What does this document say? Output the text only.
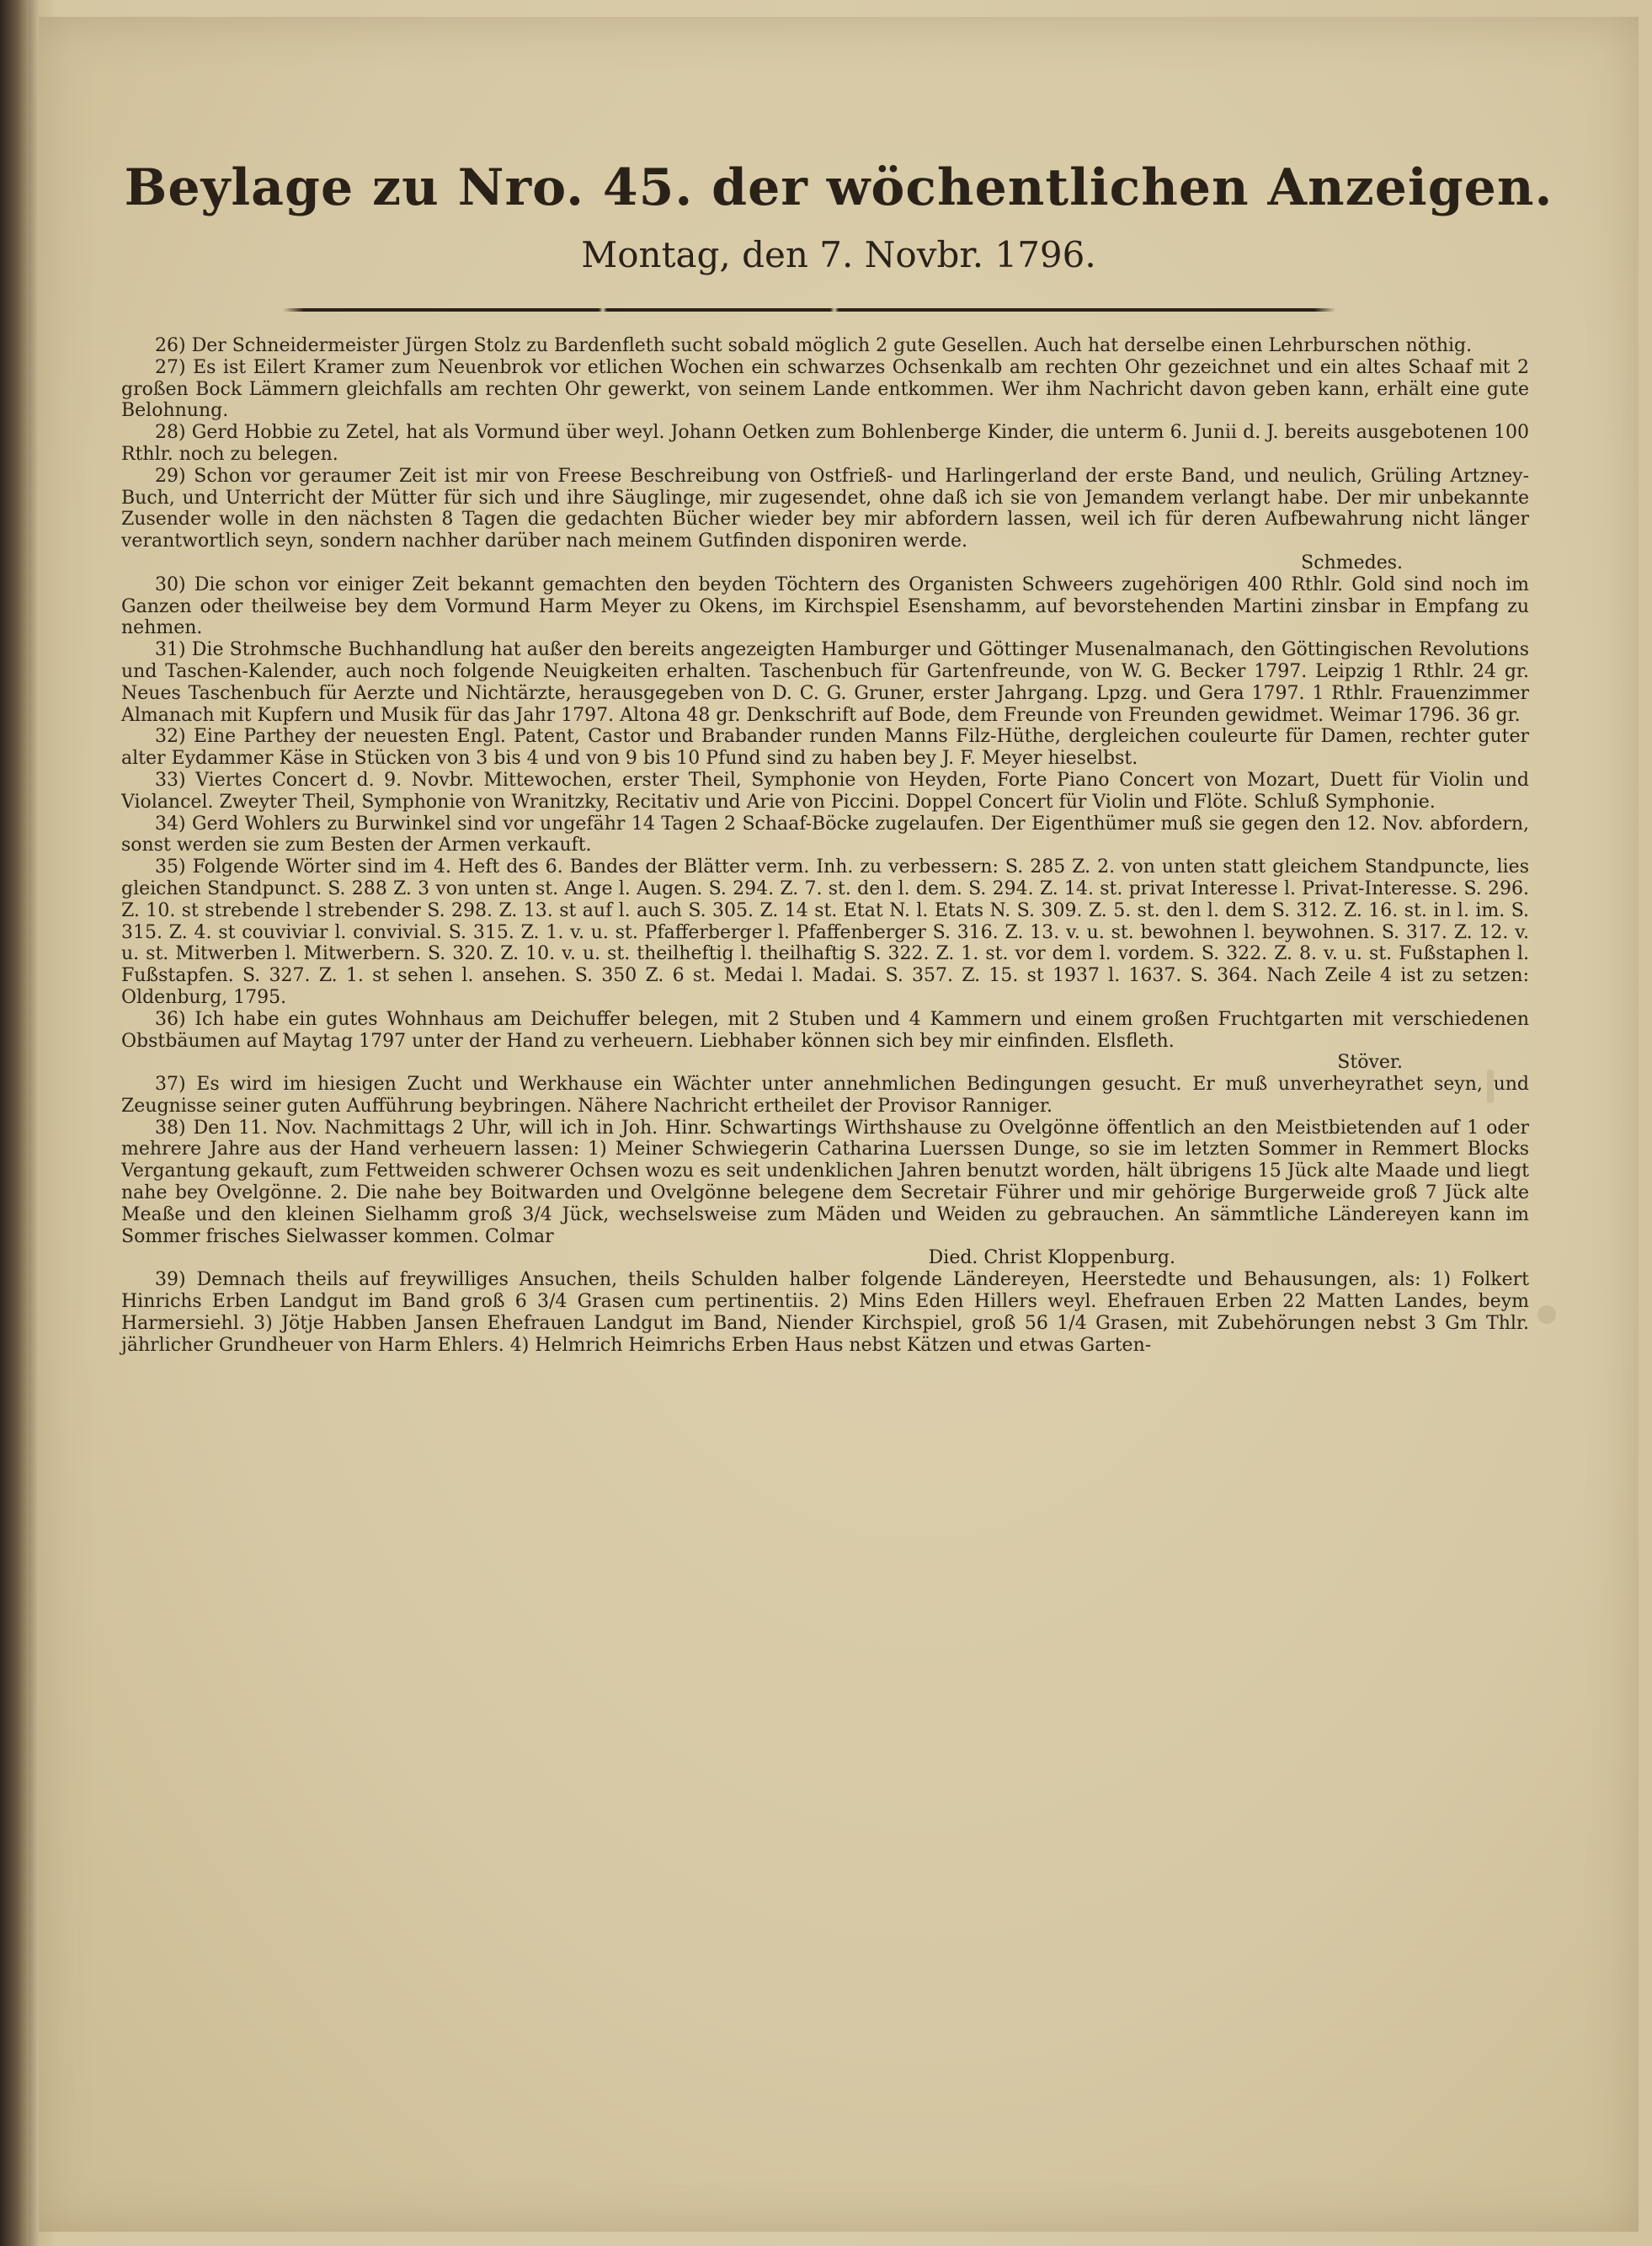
Beylage zu Nro. 45. der wöchentlichen Anzeigen.
Montag, den 7. Novbr. 1796.

26) Der Schneidermeister Jürgen Stolz zu Bardenfleth sucht sobald möglich 2 gute Gesellen. Auch hat derselbe einen Lehrburschen nöthig.

27) Es ist Eilert Kramer zum Neuenbrok vor etlichen Wochen ein schwarzes Ochsenkalb am rechten Ohr gezeichnet und ein altes Schaaf mit 2 großen Bock Lämmern gleichfalls am rechten Ohr gewerkt, von seinem Lande entkommen. Wer ihm Nachricht davon geben kann, erhält eine gute Belohnung.

28) Gerd Hobbie zu Zetel, hat als Vormund über weyl. Johann Oetken zum Bohlenberge Kinder, die unterm 6. Junii d. J. bereits ausgebotenen 100 Rthlr. noch zu belegen.

29) Schon vor geraumer Zeit ist mir von Freese Beschreibung von Ostfrieß- und Harlingerland der erste Band, und neulich, Grüling Artzney-Buch, und Unterricht der Mütter für sich und ihre Säuglinge, mir zugesendet, ohne daß ich sie von Jemandem verlangt habe. Der mir unbekannte Zusender wolle in den nächsten 8 Tagen die gedachten Bücher wieder bey mir abfordern lassen, weil ich für deren Aufbewahrung nicht länger verantwortlich seyn, sondern nachher darüber nach meinem Gutfinden disponiren werde.

Schmedes.

30) Die schon vor einiger Zeit bekannt gemachten den beyden Töchtern des Organisten Schweers zugehörigen 400 Rthlr. Gold sind noch im Ganzen oder theilweise bey dem Vormund Harm Meyer zu Okens, im Kirchspiel Esenshamm, auf bevorstehenden Martini zinsbar in Empfang zu nehmen.

31) Die Strohmsche Buchhandlung hat außer den bereits angezeigten Hamburger und Göttinger Musenalmanach, den Göttingischen Revolutions und Taschen-Kalender, auch noch folgende Neuigkeiten erhalten. Taschenbuch für Gartenfreunde, von W. G. Becker 1797. Leipzig 1 Rthlr. 24 gr. Neues Taschenbuch für Aerzte und Nichtärzte, herausgegeben von D. C. G. Gruner, erster Jahrgang. Lpzg. und Gera 1797. 1 Rthlr. Frauenzimmer Almanach mit Kupfern und Musik für das Jahr 1797. Altona 48 gr. Denkschrift auf Bode, dem Freunde von Freunden gewidmet. Weimar 1796. 36 gr.

32) Eine Parthey der neuesten Engl. Patent, Castor und Brabander runden Manns Filz-Hüthe, dergleichen couleurte für Damen, rechter guter alter Eydammer Käse in Stücken von 3 bis 4 und von 9 bis 10 Pfund sind zu haben bey J. F. Meyer hieselbst.

33) Viertes Concert d. 9. Novbr. Mittewochen, erster Theil, Symphonie von Heyden, Forte Piano Concert von Mozart, Duett für Violin und Violancel. Zweyter Theil, Symphonie von Wranitzky, Recitativ und Arie von Piccini. Doppel Concert für Violin und Flöte. Schluß Symphonie.

34) Gerd Wohlers zu Burwinkel sind vor ungefähr 14 Tagen 2 Schaaf-Böcke zugelaufen. Der Eigenthümer muß sie gegen den 12. Nov. abfordern, sonst werden sie zum Besten der Armen verkauft.

35) Folgende Wörter sind im 4. Heft des 6. Bandes der Blätter verm. Inh. zu verbessern: S. 285 Z. 2. von unten statt gleichem Standpuncte, lies gleichen Standpunct. S. 288 Z. 3 von unten st. Ange l. Augen. S. 294. Z. 7. st. den l. dem. S. 294. Z. 14. st. privat Interesse l. Privat-Interesse. S. 296. Z. 10. st strebende l strebender S. 298. Z. 13. st auf l. auch S. 305. Z. 14 st. Etat N. l. Etats N. S. 309. Z. 5. st. den l. dem S. 312. Z. 16. st. in l. im. S. 315. Z. 4. st couviviar l. convivial. S. 315. Z. 1. v. u. st. Pfafferberger l. Pfaffenberger S. 316. Z. 13. v. u. st. bewohnen l. beywohnen. S. 317. Z. 12. v. u. st. Mitwerben l. Mitwerbern. S. 320. Z. 10. v. u. st. theilheftig l. theilhaftig S. 322. Z. 1. st. vor dem l. vordem. S. 322. Z. 8. v. u. st. Fußstaphen l. Fußstapfen. S. 327. Z. 1. st sehen l. ansehen. S. 350 Z. 6 st. Medai l. Madai. S. 357. Z. 15. st 1937 l. 1637. S. 364. Nach Zeile 4 ist zu setzen: Oldenburg, 1795.

36) Ich habe ein gutes Wohnhaus am Deichuffer belegen, mit 2 Stuben und 4 Kammern und einem großen Fruchtgarten mit verschiedenen Obstbäumen auf Maytag 1797 unter der Hand zu verheuern. Liebhaber können sich bey mir einfinden. Elsfleth.

Stöver.

37) Es wird im hiesigen Zucht und Werkhause ein Wächter unter annehmlichen Bedingungen gesucht. Er muß unverheyrathet seyn, und Zeugnisse seiner guten Aufführung beybringen. Nähere Nachricht ertheilet der Provisor Ranniger.

38) Den 11. Nov. Nachmittags 2 Uhr, will ich in Joh. Hinr. Schwartings Wirthshause zu Ovelgönne öffentlich an den Meistbietenden auf 1 oder mehrere Jahre aus der Hand verheuern lassen: 1) Meiner Schwiegerin Catharina Luerssen Dunge, so sie im letzten Sommer in Remmert Blocks Vergantung gekauft, zum Fettweiden schwerer Ochsen wozu es seit undenklichen Jahren benutzt worden, hält übrigens 15 Jück alte Maade und liegt nahe bey Ovelgönne. 2. Die nahe bey Boitwarden und Ovelgönne belegene dem Secretair Führer und mir gehörige Burgerweide groß 7 Jück alte Meaße und den kleinen Sielhamm groß 3/4 Jück, wechselsweise zum Mäden und Weiden zu gebrauchen. An sämmtliche Ländereyen kann im Sommer frisches Sielwasser kommen. Colmar

Died. Christ Kloppenburg.

39) Demnach theils auf freywilliges Ansuchen, theils Schulden halber folgende Ländereyen, Heerstedte und Behausungen, als: 1) Folkert Hinrichs Erben Landgut im Band groß 6 3/4 Grasen cum pertinentiis. 2) Mins Eden Hillers weyl. Ehefrauen Erben 22 Matten Landes, beym Harmersiehl. 3) Jötje Habben Jansen Ehefrauen Landgut im Band, Niender Kirchspiel, groß 56 1/4 Grasen, mit Zubehörungen nebst 3 Gm Thlr. jährlicher Grundheuer von Harm Ehlers. 4) Helmrich Heimrichs Erben Haus nebst Kätzen und etwas Garten-
